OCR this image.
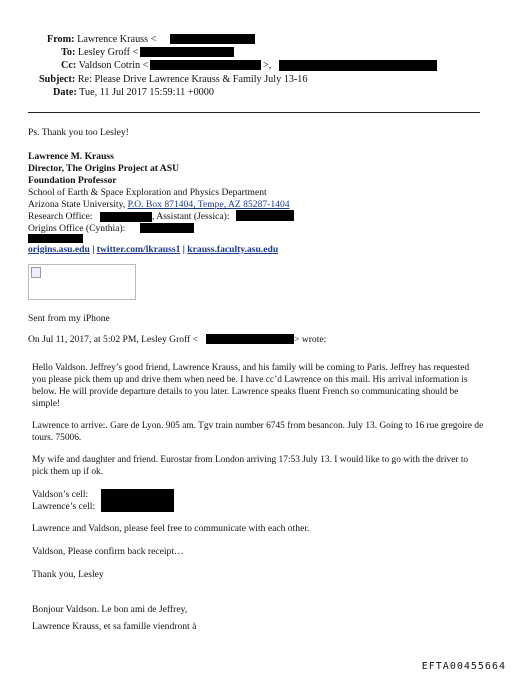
From: Lawrence Krauss <
To: Lesley Groff <
Cc: Valdson Cotrin <	>,
Subject: Re: Please Drive Lawrence Krauss & Family July 13-16
Date: Tue, 11 Jul 2017 15:59:11 +0000
Ps. Thank you too Lesley!
Lawrence M. Krauss
Director, The Origins Project at ASU
Foundation Professor
School of Earth & Space Exploration and Physics Department
Arizona State University, P.O. Box 871404, Tempe, AZ 85287-1404
Research Office:	, Assistant (Jessica):
Origins Office (Cynthia):
origins.asu.edu | twitter.com/lkrauss1 | krauss.faculty.asu.edu
Sent from my iPhone
On Jul 11, 2017, at 5:02 PM, Lesley Groff <	> wrote:
Hello Valdson. Jeffrey’s good friend, Lawrence Krauss, and his family will be coming to Paris. Jeffrey has requested you please pick them up and drive them when need be. I have cc’d Lawrence on this mail. His arrival information is below. He will provide departure details to you later. Lawrence speaks fluent French so communicating should be simple!
Lawrence to arrive:. Gare de Lyon. 905 am. Tgv train number 6745 from besancon. July 13. Going to 16 rue gregoire de tours. 75006.
My wife and daughter and friend. Eurostar from London arriving 17:53 July 13. I would like to go with the driver to pick them up if ok.
Valdson’s cell:
Lawrence’s cell:
Lawrence and Valdson, please feel free to communicate with each other.
Valdson, Please confirm back receipt…
Thank you, Lesley
Bonjour Valdson. Le bon ami de Jeffrey,
Lawrence Krauss, et sa famille viendront à
EFTA00455664
